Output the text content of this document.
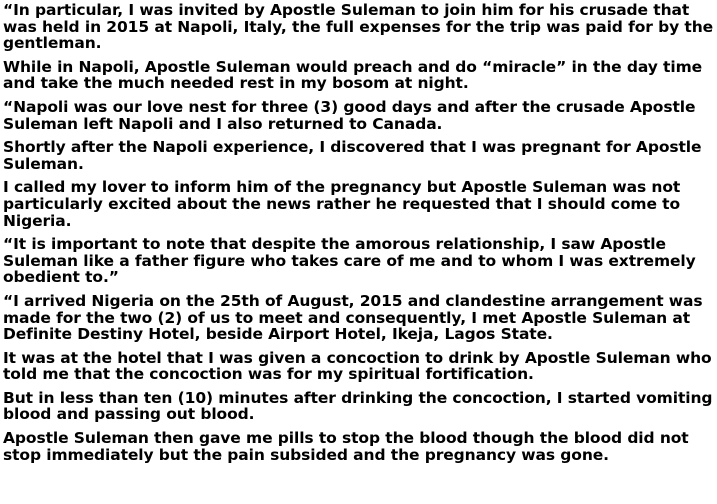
“In particular, I was invited by Apostle Suleman to join him for his crusade that was held in 2015 at Napoli, Italy, the full expenses for the trip was paid for by the gentleman.

While in Napoli, Apostle Suleman would preach and do “miracle” in the day time and take the much needed rest in my bosom at night.

“Napoli was our love nest for three (3) good days and after the crusade Apostle Suleman left Napoli and I also returned to Canada.

Shortly after the Napoli experience, I discovered that I was pregnant for Apostle Suleman.

I called my lover to inform him of the pregnancy but Apostle Suleman was not particularly excited about the news rather he requested that I should come to Nigeria.

“It is important to note that despite the amorous relationship, I saw Apostle Suleman like a father figure who takes care of me and to whom I was extremely obedient to.”

“I arrived Nigeria on the 25th of August, 2015 and clandestine arrangement was made for the two (2) of us to meet and consequently, I met Apostle Suleman at Definite Destiny Hotel, beside Airport Hotel, Ikeja, Lagos State.

It was at the hotel that I was given a concoction to drink by Apostle Suleman who told me that the concoction was for my spiritual fortification.

But in less than ten (10) minutes after drinking the concoction, I started vomiting blood and passing out blood.

Apostle Suleman then gave me pills to stop the blood though the blood did not stop immediately but the pain subsided and the pregnancy was gone.
